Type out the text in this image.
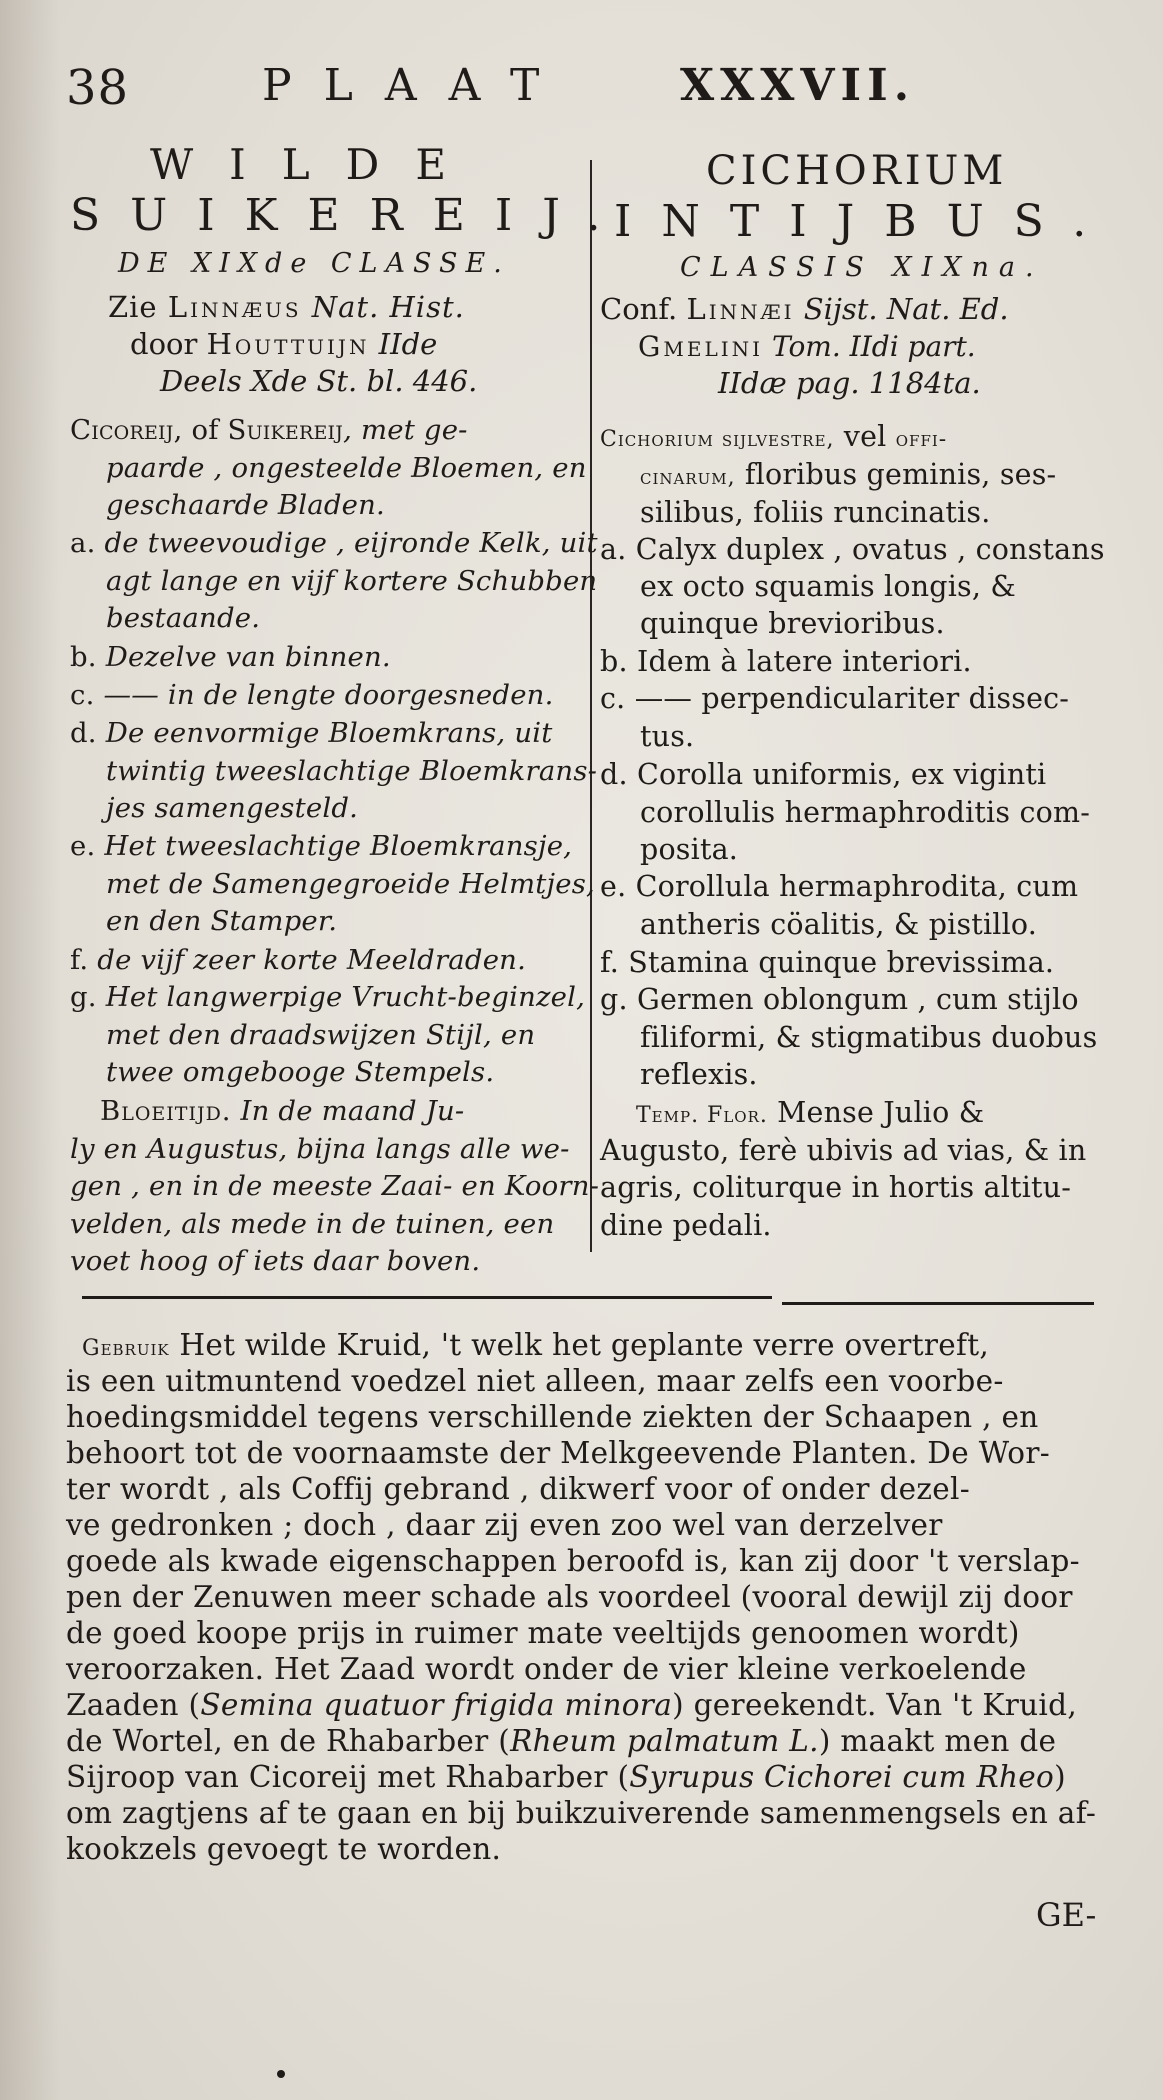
38	PLAAT XXXVII.
WILDE
SUIKEREIJ.
DE XIXde CLASSE.
Zie Linnæus Nat. Hist.
door Houttuijn IIde
Deels Xde St. bl. 446.
Cicoreij, of Suikereij, met ge-
paarde , ongesteelde Bloemen, en
geschaarde Bladen.
a. de tweevoudige , eijronde Kelk, uit
agt lange en vijf kortere Schubben
bestaande.
b. Dezelve van binnen.
c. —— in de lengte doorgesneden.
d. De eenvormige Bloemkrans, uit
twintig tweeslachtige Bloemkrans-
jes samengesteld.
e. Het tweeslachtige Bloemkransje,
met de Samengegroeide Helmtjes,
en den Stamper.
f. de vijf zeer korte Meeldraden.
g. Het langwerpige Vrucht-beginzel,
met den draadswijzen Stijl, en
twee omgebooge Stempels.
Bloeitijd. In de maand Ju-
ly en Augustus, bijna langs alle we-
gen , en in de meeste Zaai- en Koorn-
velden, als mede in de tuinen, een
voet hoog of iets daar boven.
CICHORIUM
INTIJBUS.
CLASSIS XIXna.
Conf. Linnæi Sijst. Nat. Ed.
Gmelini Tom. IIdi part.
IIdæ pag. 1184ta.
Cichorium sijlvestre, vel offi-
cinarum, floribus geminis, ses-
silibus, foliis runcinatis.
a. Calyx duplex , ovatus , constans
ex octo squamis longis, &
quinque brevioribus.
b. Idem à latere interiori.
c. —— perpendiculariter dissec-
tus.
d. Corolla uniformis, ex viginti
corollulis hermaphroditis com-
posita.
e. Corollula hermaphrodita, cum
antheris cöalitis, & pistillo.
f. Stamina quinque brevissima.
g. Germen oblongum , cum stijlo
filiformi, & stigmatibus duobus
reflexis.
Temp. Flor. Mense Julio &
Augusto, ferè ubivis ad vias, & in
agris, coliturque in hortis altitu-
dine pedali.
Gebruik Het wilde Kruid, 't welk het geplante verre overtreft,
is een uitmuntend voedzel niet alleen, maar zelfs een voorbe-
hoedingsmiddel tegens verschillende ziekten der Schaapen , en
behoort tot de voornaamste der Melkgeevende Planten. De Wor-
ter wordt , als Coffij gebrand , dikwerf voor of onder dezel-
ve gedronken ; doch , daar zij even zoo wel van derzelver
goede als kwade eigenschappen beroofd is, kan zij door 't verslap-
pen der Zenuwen meer schade als voordeel (vooral dewijl zij door
de goed koope prijs in ruimer mate veeltijds genoomen wordt)
veroorzaken. Het Zaad wordt onder de vier kleine verkoelende
Zaaden (Semina quatuor frigida minora) gereekendt. Van 't Kruid,
de Wortel, en de Rhabarber (Rheum palmatum L.) maakt men de
Sijroop van Cicoreij met Rhabarber (Syrupus Cichorei cum Rheo)
om zagtjens af te gaan en bij buikzuiverende samenmengsels en af-
kookzels gevoegt te worden.
GE-
